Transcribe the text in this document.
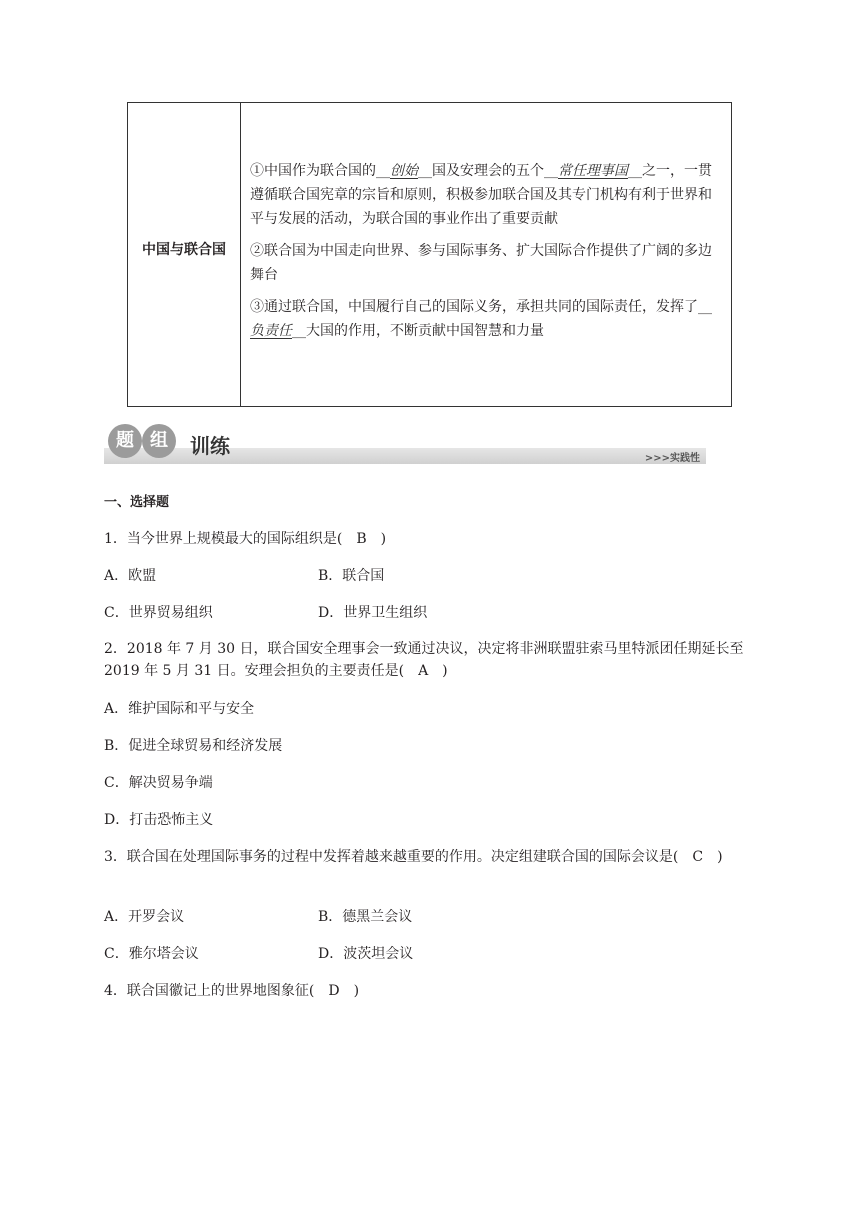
中国与联合国

①中国作为联合国的__创始__国及安理会的五个__常任理事国__之一，一贯遵循联合国宪章的宗旨和原则，积极参加联合国及其专门机构有利于世界和平与发展的活动，为联合国的事业作出了重要贡献

②联合国为中国走向世界、参与国际事务、扩大国际合作提供了广阔的多边舞台

③通过联合国，中国履行自己的国际义务，承担共同的国际责任，发挥了__负责任__大国的作用，不断贡献中国智慧和力量

题 组	训练
>>>实践性
一、选择题
1．当今世界上规模最大的国际组织是(　B　)
A．欧盟	B．联合国
C．世界贸易组织	D．世界卫生组织
2．2018 年 7 月 30 日，联合国安全理事会一致通过决议，决定将非洲联盟驻索马里特派团任期延长至 2019 年 5 月 31 日。安理会担负的主要责任是(　A　)
A．维护国际和平与安全
B．促进全球贸易和经济发展
C．解决贸易争端
D．打击恐怖主义
3．联合国在处理国际事务的过程中发挥着越来越重要的作用。决定组建联合国的国际会议是(　C　)
A．开罗会议	B．德黑兰会议
C．雅尔塔会议	D．波茨坦会议
4．联合国徽记上的世界地图象征(　D　)
